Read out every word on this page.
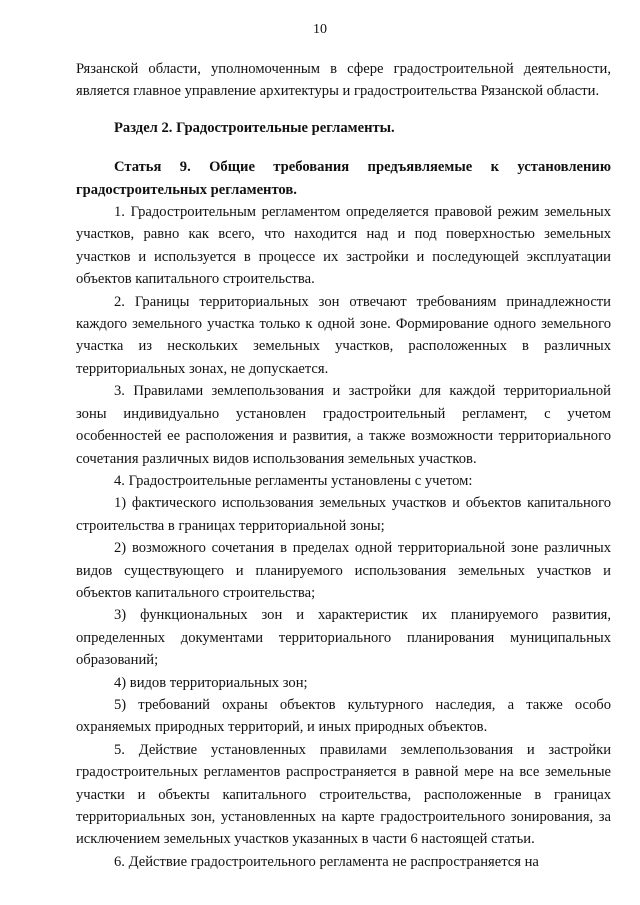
10

Рязанской области, уполномоченным в сфере градостроительной деятельности, является главное управление архитектуры и градостроительства Рязанской области.

Раздел 2. Градостроительные регламенты.

Статья 9. Общие требования предъявляемые к установлению градостроительных регламентов.

1. Градостроительным регламентом определяется правовой режим земельных участков, равно как всего, что находится над и под поверхностью земельных участков и используется в процессе их застройки и последующей эксплуатации объектов капитального строительства.

2. Границы территориальных зон отвечают требованиям принадлежности каждого земельного участка только к одной зоне. Формирование одного земельного участка из нескольких земельных участков, расположенных в различных территориальных зонах, не допускается.

3. Правилами землепользования и застройки для каждой территориальной зоны индивидуально установлен градостроительный регламент, с учетом особенностей ее расположения и развития, а также возможности территориального сочетания различных видов использования земельных участков.

4. Градостроительные регламенты установлены с учетом:

1) фактического использования земельных участков и объектов капитального строительства в границах территориальной зоны;

2) возможного сочетания в пределах одной территориальной зоне различных видов существующего и планируемого использования земельных участков и объектов капитального строительства;

3) функциональных зон и характеристик их планируемого развития, определенных документами территориального планирования муниципальных образований;

4) видов территориальных зон;

5) требований охраны объектов культурного наследия, а также особо охраняемых природных территорий, и иных природных объектов.

5. Действие установленных правилами землепользования и застройки градостроительных регламентов распространяется в равной мере на все земельные участки и объекты капитального строительства, расположенные в границах территориальных зон, установленных на карте градостроительного зонирования, за исключением земельных участков указанных в части 6 настоящей статьи.

6. Действие градостроительного регламента не распространяется на
